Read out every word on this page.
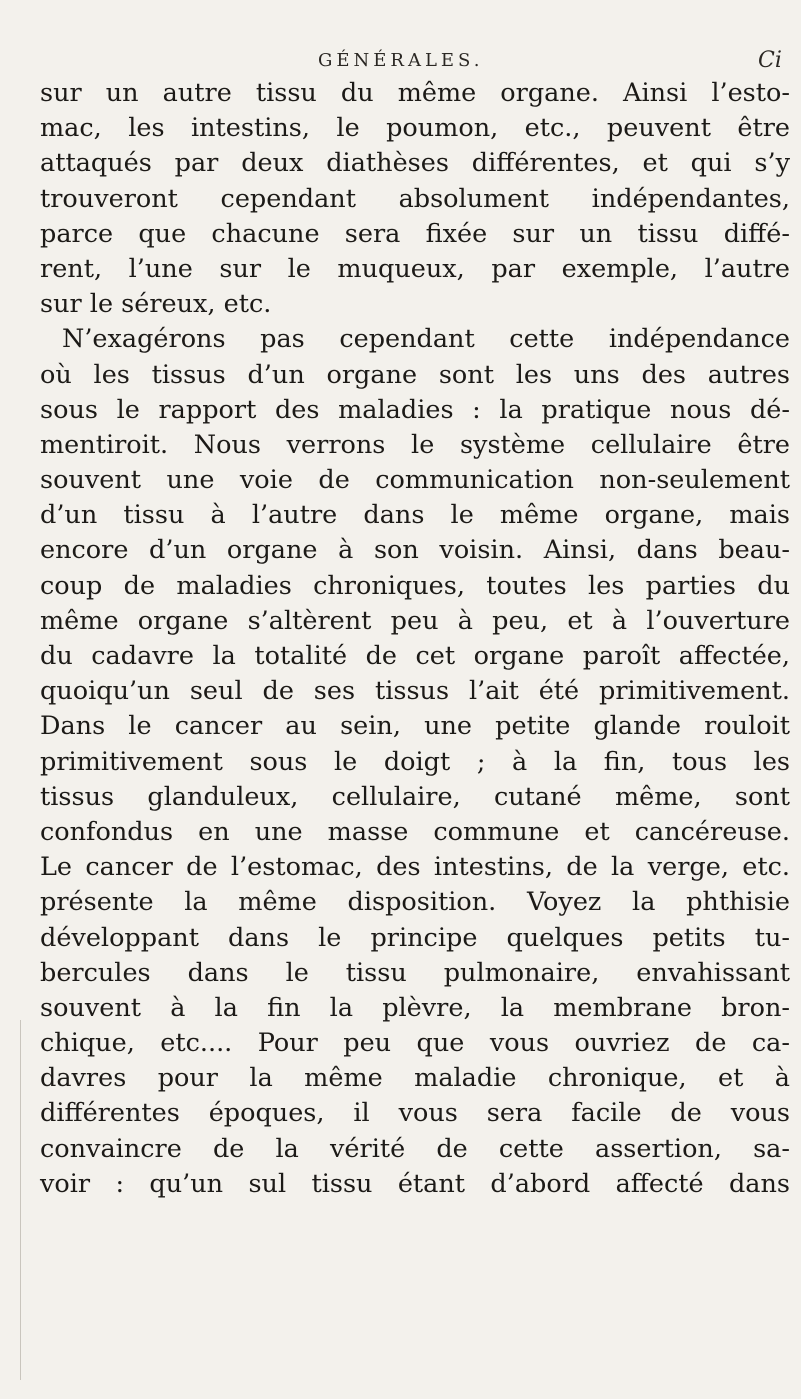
GÉNÉRALES.	Ci
sur un autre tissu du même organe. Ainsi l’esto-
mac, les intestins, le poumon, etc., peuvent être
attaqués par deux diathèses différentes, et qui s’y
trouveront cependant absolument indépendantes,
parce que chacune sera fixée sur un tissu diffé-
rent, l’une sur le muqueux, par exemple, l’autre
sur le séreux, etc.
N’exagérons pas cependant cette indépendance
où les tissus d’un organe sont les uns des autres
sous le rapport des maladies : la pratique nous dé-
mentiroit. Nous verrons le système cellulaire être
souvent une voie de communication non-seulement
d’un tissu à l’autre dans le même organe, mais
encore d’un organe à son voisin. Ainsi, dans beau-
coup de maladies chroniques, toutes les parties du
même organe s’altèrent peu à peu, et à l’ouverture
du cadavre la totalité de cet organe paroît affectée,
quoiqu’un seul de ses tissus l’ait été primitivement.
Dans le cancer au sein, une petite glande rouloit
primitivement sous le doigt ; à la fin, tous les
tissus glanduleux, cellulaire, cutané même, sont
confondus en une masse commune et cancéreuse.
Le cancer de l’estomac, des intestins, de la verge, etc.
présente la même disposition. Voyez la phthisie
développant dans le principe quelques petits tu-
bercules dans le tissu pulmonaire, envahissant
souvent à la fin la plèvre, la membrane bron-
chique, etc.... Pour peu que vous ouvriez de ca-
davres pour la même maladie chronique, et à
différentes époques, il vous sera facile de vous
convaincre de la vérité de cette assertion, sa-
voir : qu’un sul tissu étant d’abord affecté dans
